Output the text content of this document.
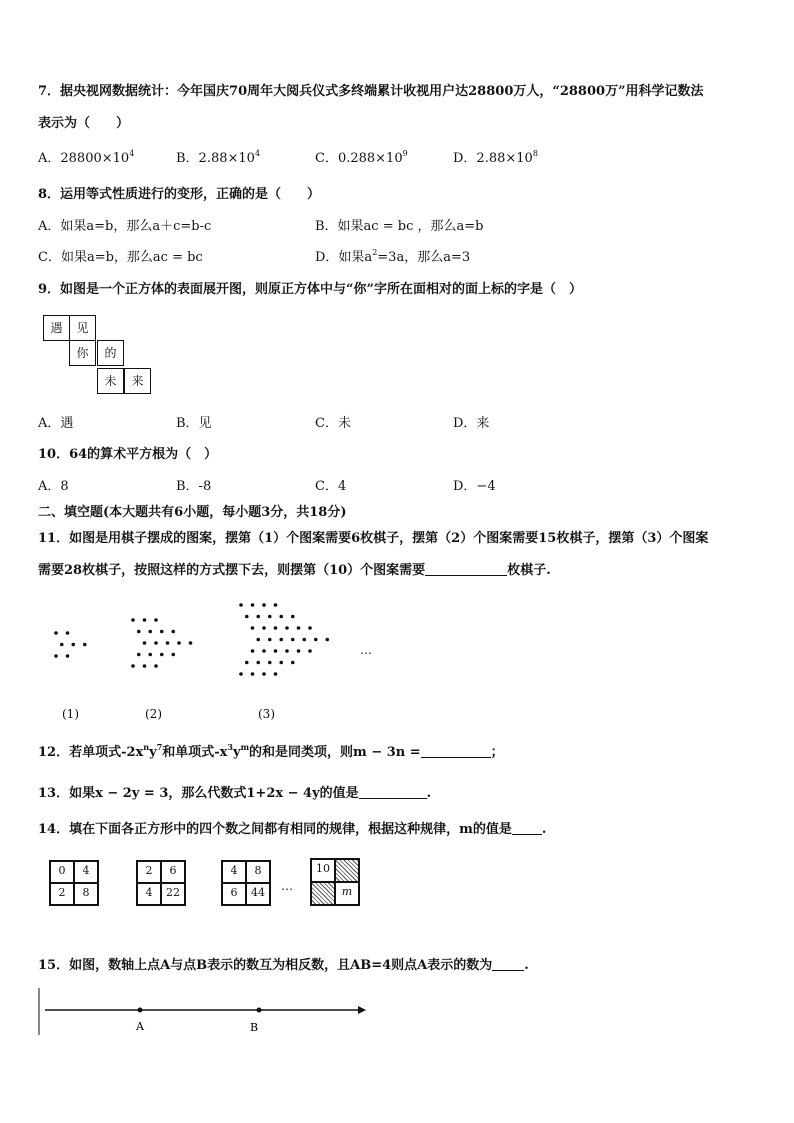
7．据央视网数据统计：今年国庆70周年大阅兵仪式多终端累计收视用户达28800万人，“28800万”用科学记数法
表示为（　　）
A．$28800\times 10^4$	B．$2.88\times 10^4$	C．$0.288\times 10^9$	D．$2.88\times 10^8$
8．运用等式性质进行的变形，正确的是（　　）
A．如果a=b，那么a＋c=b-c	B．如果ac = bc ，那么a=b
C．如果a=b，那么ac = bc	D．如果$a^2=3a$，那么a=3
9．如图是一个正方体的表面展开图，则原正方体中与“你”字所在面相对的面上标的字是（　）
遇	见
你	的
未	来
A．遇	B．见	C．未	D．来
10．64的算术平方根为（　）
A．8	B．-8	C．4	D．−4
二、填空题(本大题共有6小题，每小题3分，共18分)
11．如图是用棋子摆成的图案，摆第（1）个图案需要6枚棋子，摆第（2）个图案需要15枚棋子，摆第（3）个图案
需要28枚棋子，按照这样的方式摆下去，则摆第（10）个图案需要	枚棋子.
(1)	(2)	(3)
…
12．若单项式$-2x^ny^7$和单项式$-x^3y^m$的和是同类项，则m − 3n =	；
13．如果x − 2y = 3，那么代数式1+2x − 4y的值是	.
14．填在下面各正方形中的四个数之间都有相同的规律，根据这种规律，m的值是 .
0	4
2	8
2	6
4	22
4	8
6	44	…
10
m
15．如图，数轴上点A与点B表示的数互为相反数，且AB=4则点A表示的数为 .
A	B
